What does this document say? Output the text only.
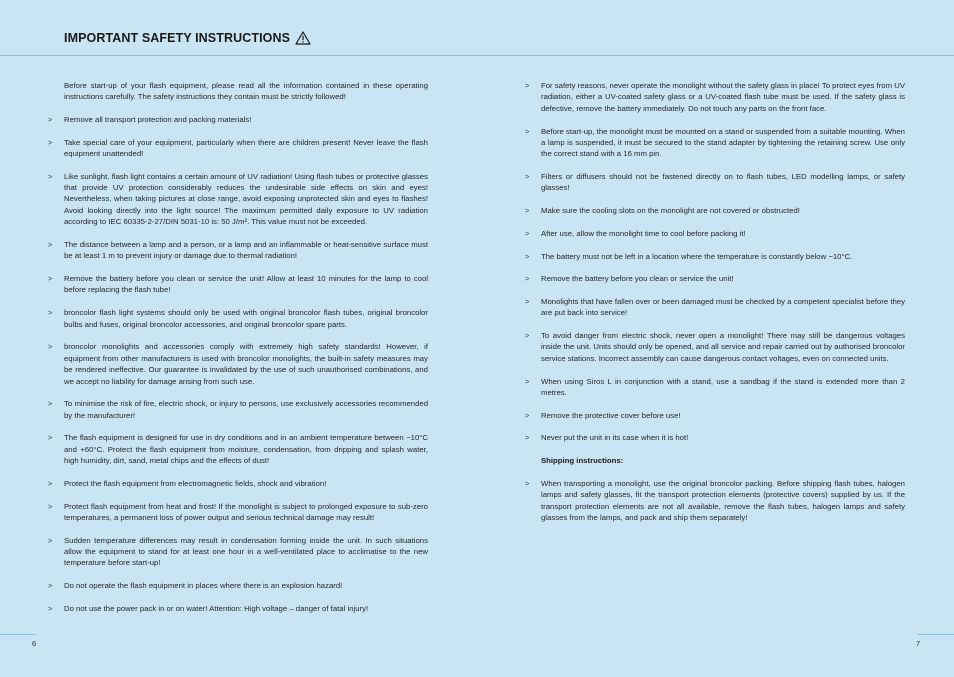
IMPORTANT SAFETY INSTRUCTIONS
Before start-up of your flash equipment, please read all the information contained in these operating instructions carefully. The safety instructions they contain must be strictly followed!
> Remove all transport protection and packing materials!
> Take special care of your equipment, particularly when there are children present! Never leave the flash equipment unattended!
> Like sunlight, flash light contains a certain amount of UV radiation! Using flash tubes or protective glasses that provide UV protection considerably reduces the undesirable side effects on skin and eyes! Nevertheless, when taking pictures at close range, avoid exposing unprotected skin and eyes to flashes! Avoid looking directly into the light source! The maximum permitted daily exposure to UV radiation according to IEC 60335-2-27/DIN 5031-10 is: 50 J/m². This value must not be exceeded.
> The distance between a lamp and a person, or a lamp and an inflammable or heat-sensitive surface must be at least 1 m to prevent injury or damage due to thermal radiation!
> Remove the battery before you clean or service the unit! Allow at least 10 minutes for the lamp to cool before replacing the flash tube!
> broncolor flash light systems should only be used with original broncolor flash tubes, original broncolor bulbs and fuses, original broncolor accessories, and original broncolor spare parts.
> broncolor monolights and accessories comply with extremely high safety standards! However, if equipment from other manufacturers is used with broncolor monolights, the built-in safety measures may be rendered ineffective. Our guarantee is invalidated by the use of such unauthorised combinations, and we accept no liability for damage arising from such use.
> To minimise the risk of fire, electric shock, or injury to persons, use exclusively accessories recommended by the manufacturer!
> The flash equipment is designed for use in dry conditions and in an ambient temperature between −10°C and +60°C. Protect the flash equipment from moisture, condensation, from dripping and splash water, high humidity, dirt, sand, metal chips and the effects of dust!
> Protect the flash equipment from electromagnetic fields, shock and vibration!
> Protect flash equipment from heat and frost! If the monolight is subject to prolonged exposure to sub-zero temperatures, a permanent loss of power output and serious technical damage may result!
> Sudden temperature differences may result in condensation forming inside the unit. In such situations allow the equipment to stand for at least one hour in a well-ventilated place to acclimatise to the new temperature before start-up!
> Do not operate the flash equipment in places where there is an explosion hazard!
> Do not use the power pack in or on water! Attention: High voltage – danger of fatal injury!
> For safety reasons, never operate the monolight without the safety glass in place! To protect eyes from UV radiation, either a UV-coated safety glass or a UV-coated flash tube must be used. If the safety glass is defective, remove the battery immediately. Do not touch any parts on the front face.
> Before start-up, the monolight must be mounted on a stand or suspended from a suitable mounting. When a lamp is suspended, it must be secured to the stand adapter by tightening the retaining screw. Use only the correct stand with a 16 mm pin.
> Filters or diffusers should not be fastened directly on to flash tubes, LED modelling lamps, or safety glasses!
> Make sure the cooling slots on the monolight are not covered or obstructed!
> After use, allow the monolight time to cool before packing it!
> The battery must not be left in a location where the temperature is constantly below −10°C.
> Remove the battery before you clean or service the unit!
> Monolights that have fallen over or been damaged must be checked by a competent specialist before they are put back into service!
> To avoid danger from electric shock, never open a monolight! There may still be dangerous voltages inside the unit. Units should only be opened, and all service and repair carried out by authorised broncolor service stations. Incorrect assembly can cause dangerous contact voltages, even on connected units.
> When using Siros L in conjunction with a stand, use a sandbag if the stand is extended more than 2 metres.
> Remove the protective cover before use!
> Never put the unit in its case when it is hot!
Shipping instructions:
> When transporting a monolight, use the original broncolor packing. Before shipping flash tubes, halogen lamps and safety glasses, fit the transport protection elements (protective covers) supplied by us. If the transport protection elements are not all available, remove the flash tubes, halogen lamps and safety glasses from the lamps, and pack and ship them separately!
6	7
